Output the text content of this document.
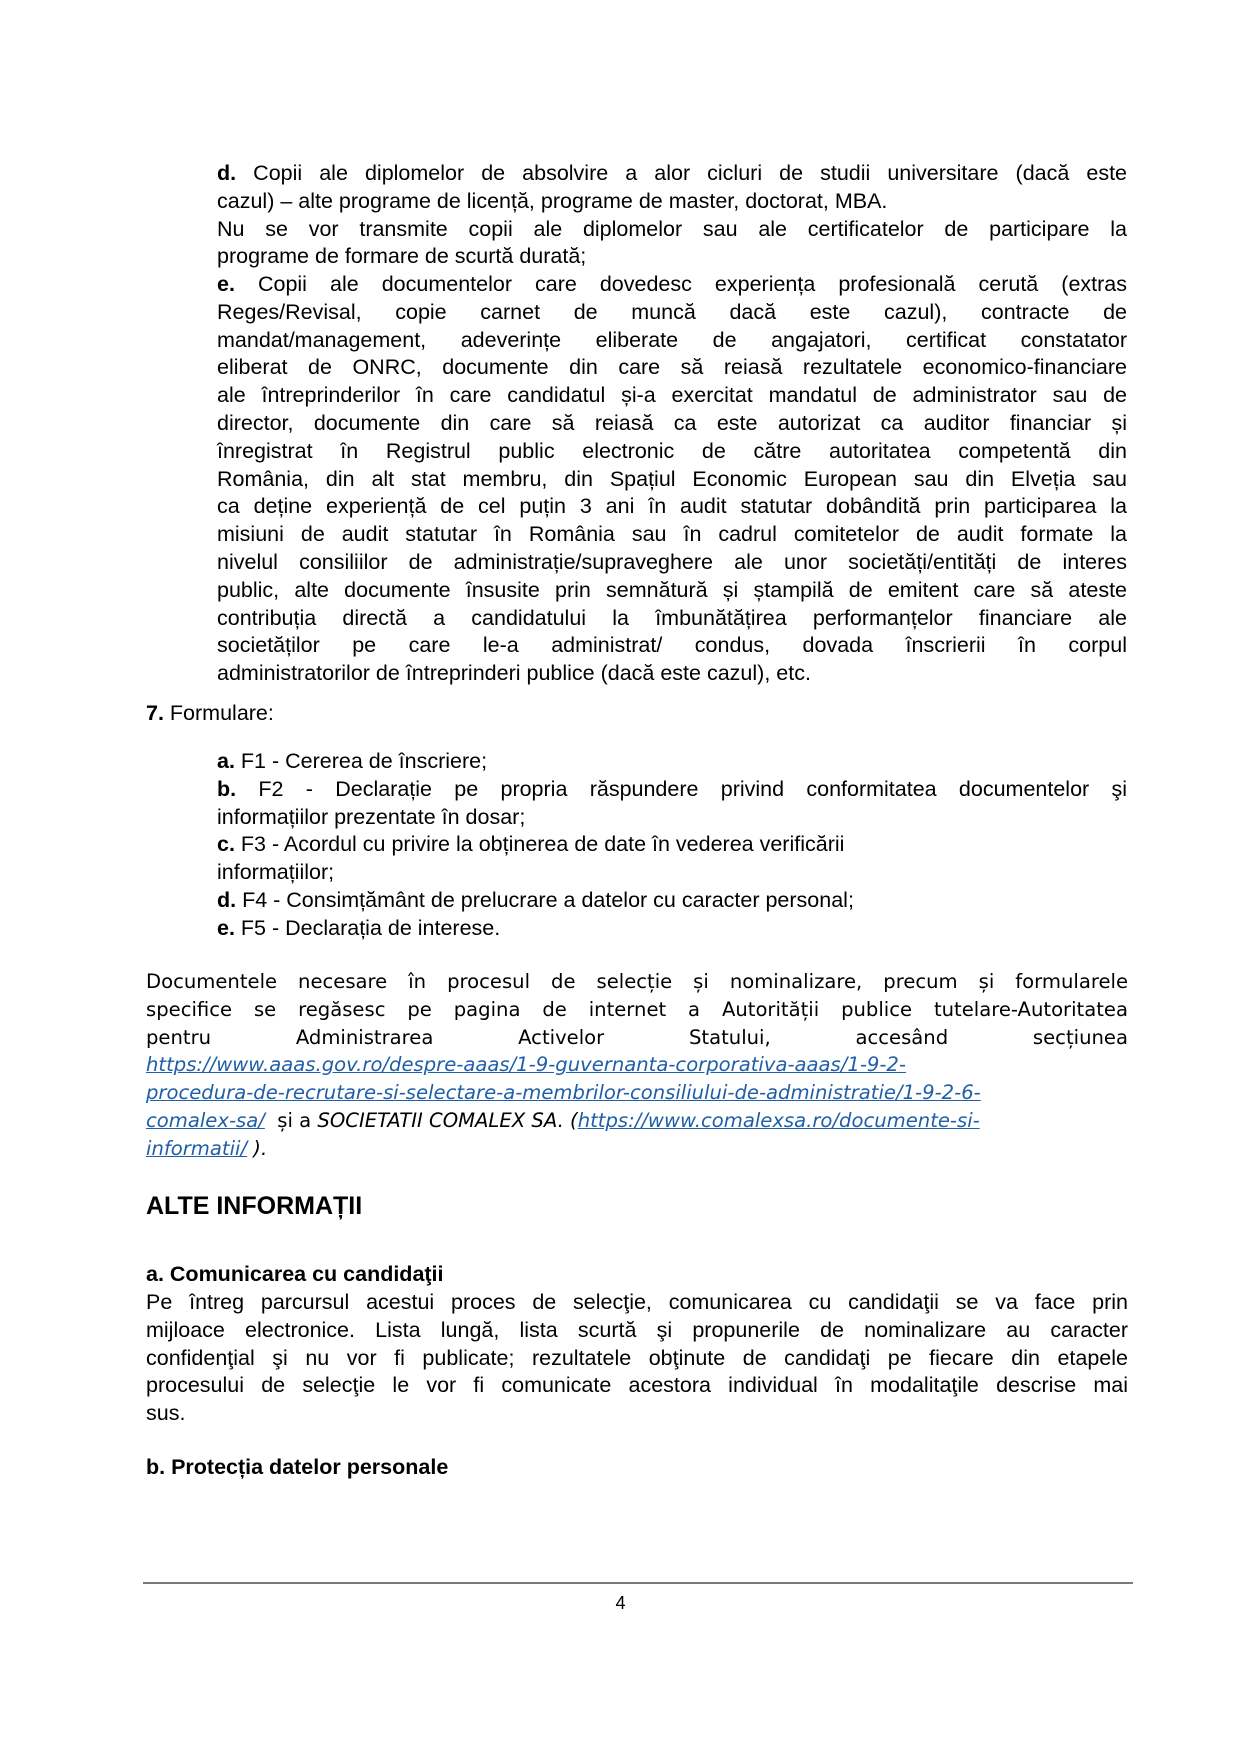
d. Copii ale diplomelor de absolvire a alor cicluri de studii universitare (dacă este
cazul) – alte programe de licență, programe de master, doctorat, MBA.
Nu se vor transmite copii ale diplomelor sau ale certificatelor de participare la
programe de formare de scurtă durată;
e. Copii ale documentelor care dovedesc experiența profesională cerută (extras
Reges/Revisal, copie carnet de muncă dacă este cazul), contracte de
mandat/management, adeverințe eliberate de angajatori, certificat constatator
eliberat de ONRC, documente din care să reiasă rezultatele economico-financiare
ale întreprinderilor în care candidatul și-a exercitat mandatul de administrator sau de
director, documente din care să reiasă ca este autorizat ca auditor financiar și
înregistrat în Registrul public electronic de către autoritatea competentă din
România, din alt stat membru, din Spațiul Economic European sau din Elveția sau
ca deține experiență de cel puțin 3 ani în audit statutar dobândită prin participarea la
misiuni de audit statutar în România sau în cadrul comitetelor de audit formate la
nivelul consiliilor de administrație/supraveghere ale unor societăți/entități de interes
public, alte documente însusite prin semnătură și ștampilă de emitent care să ateste
contribuția directă a candidatului la îmbunătățirea performanțelor financiare ale
societăților pe care le-a administrat/ condus, dovada înscrierii în corpul
administratorilor de întreprinderi publice (dacă este cazul), etc.
7. Formulare:
a. F1 - Cererea de înscriere;
b. F2 - Declarație pe propria răspundere privind conformitatea documentelor şi
informațiilor prezentate în dosar;
c. F3 - Acordul cu privire la obținerea de date în vederea verificării
informațiilor;
d. F4 - Consimțământ de prelucrare a datelor cu caracter personal;
e. F5 - Declarația de interese.
Documentele necesare în procesul de selecție și nominalizare, precum și formularele
specifice se regăsesc pe pagina de internet a Autorității publice tutelare-Autoritatea
pentru	Administrarea	Activelor	Statului,	accesând	secțiunea
https://www.aaas.gov.ro/despre-aaas/1-9-guvernanta-corporativa-aaas/1-9-2-
procedura-de-recrutare-si-selectare-a-membrilor-consiliului-de-administratie/1-9-2-6-
comalex-sa/  și a SOCIETATII COMALEX SA. (https://www.comalexsa.ro/documente-si-
informatii/ ).
ALTE INFORMAȚII
a. Comunicarea cu candidaţii
Pe întreg parcursul acestui proces de selecţie, comunicarea cu candidaţii se va face prin
mijloace electronice. Lista lungă, lista scurtă şi propunerile de nominalizare au caracter
confidenţial şi nu vor fi publicate; rezultatele obţinute de candidaţi pe fiecare din etapele
procesului de selecţie le vor fi comunicate acestora individual în modalitaţile descrise mai
sus.
b. Protecția datelor personale
4
